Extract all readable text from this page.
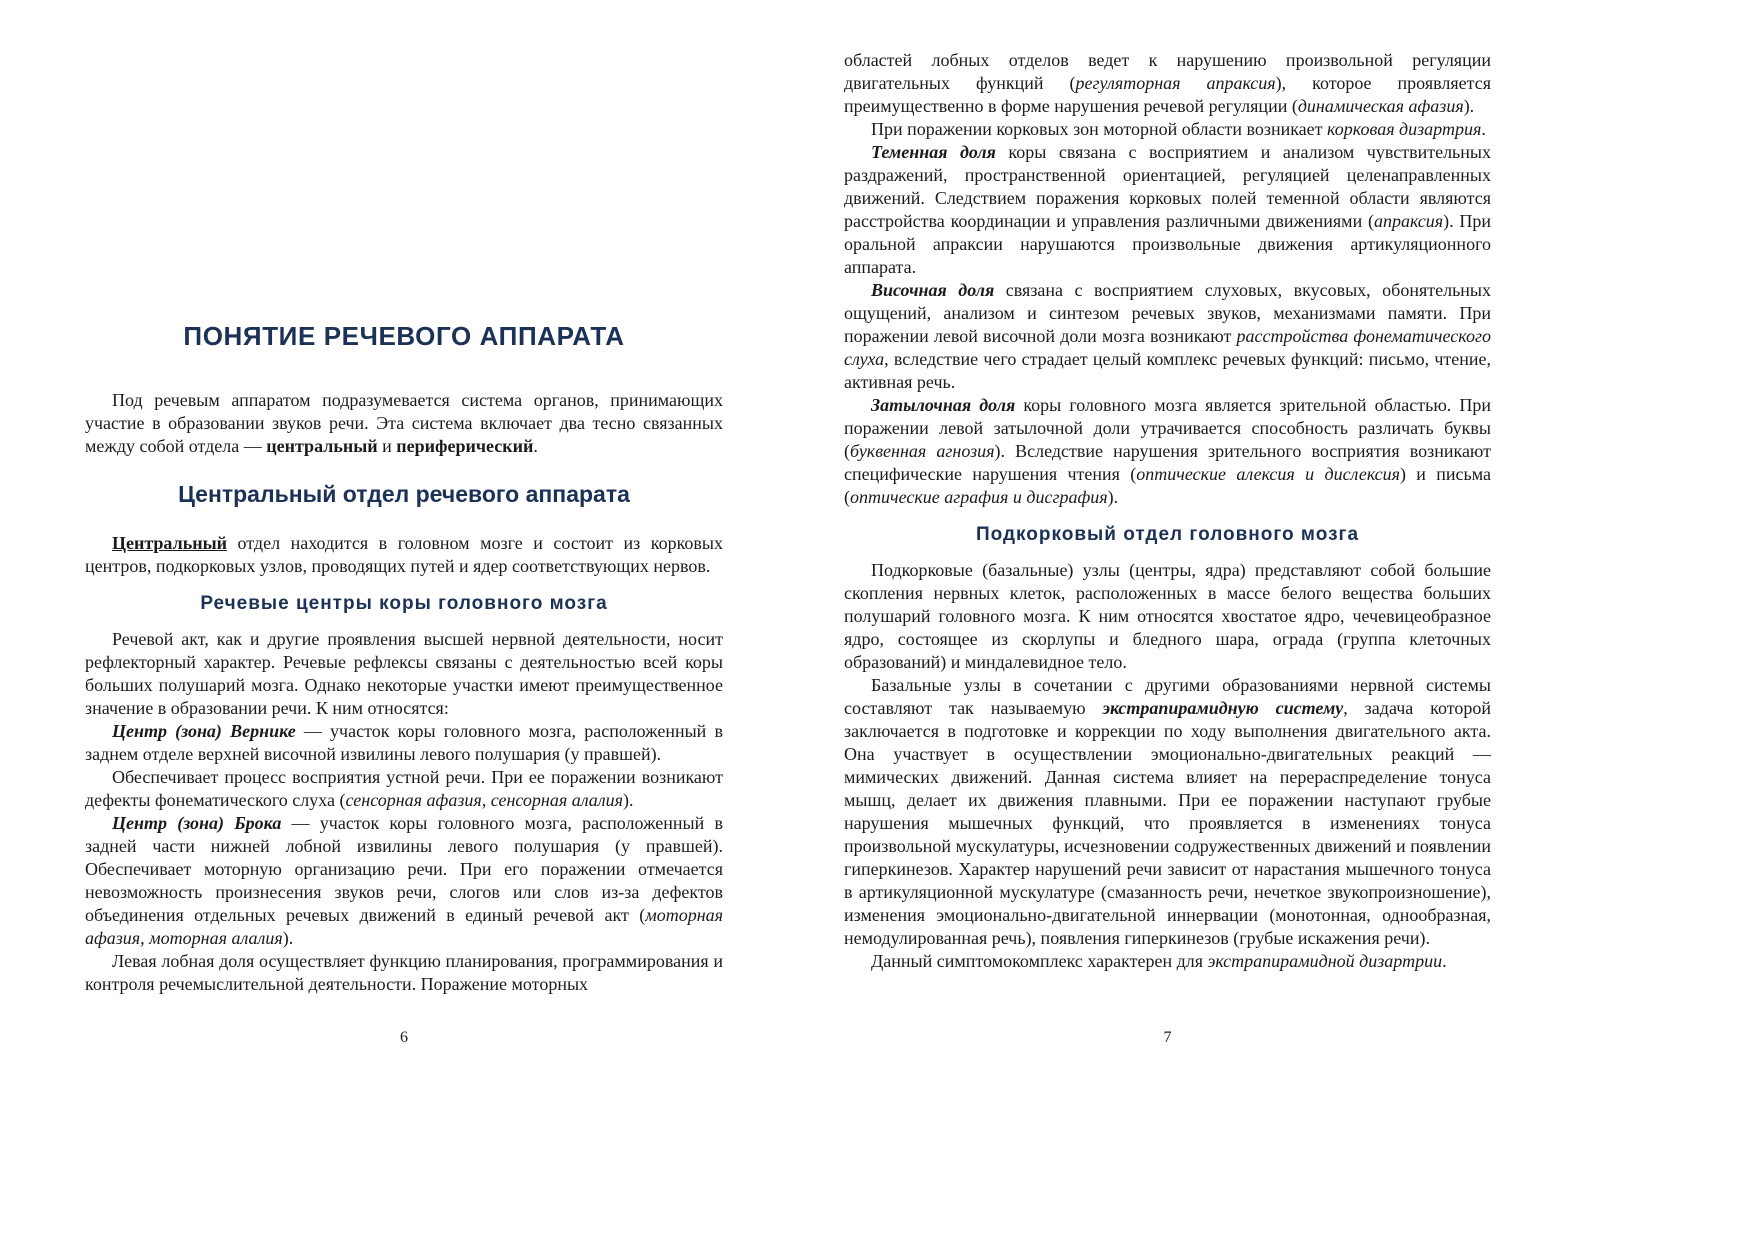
ПОНЯТИЕ РЕЧЕВОГО АППАРАТА

Под речевым аппаратом подразумевается система органов, принимающих участие в образовании звуков речи. Эта система включает два тесно связанных между собой отдела — центральный и периферический.

Центральный отдел речевого аппарата

Центральный отдел находится в головном мозге и состоит из корковых центров, подкорковых узлов, проводящих путей и ядер соответствующих нервов.

Речевые центры коры головного мозга

Речевой акт, как и другие проявления высшей нервной деятельности, носит рефлекторный характер. Речевые рефлексы связаны с деятельностью всей коры больших полушарий мозга. Однако некоторые участки имеют преимущественное значение в образовании речи. К ним относятся:

Центр (зона) Вернике — участок коры головного мозга, расположенный в заднем отделе верхней височной извилины левого полушария (у правшей).

Обеспечивает процесс восприятия устной речи. При ее поражении возникают дефекты фонематического слуха (сенсорная афазия, сенсорная алалия).

Центр (зона) Брока — участок коры головного мозга, расположенный в задней части нижней лобной извилины левого полушария (у правшей). Обеспечивает моторную организацию речи. При его поражении отмечается невозможность произнесения звуков речи, слогов или слов из-за дефектов объединения отдельных речевых движений в единый речевой акт (моторная афазия, моторная алалия).

Левая лобная доля осуществляет функцию планирования, программирования и контроля речемыслительной деятельности. Поражение моторных

областей лобных отделов ведет к нарушению произвольной регуляции двигательных функций (регуляторная апраксия), которое проявляется преимущественно в форме нарушения речевой регуляции (динамическая афазия).

При поражении корковых зон моторной области возникает корковая дизартрия.

Теменная доля коры связана с восприятием и анализом чувствительных раздражений, пространственной ориентацией, регуляцией целенаправленных движений. Следствием поражения корковых полей теменной области являются расстройства координации и управления различными движениями (апраксия). При оральной апраксии нарушаются произвольные движения артикуляционного аппарата.

Височная доля связана с восприятием слуховых, вкусовых, обонятельных ощущений, анализом и синтезом речевых звуков, механизмами памяти. При поражении левой височной доли мозга возникают расстройства фонематического слуха, вследствие чего страдает целый комплекс речевых функций: письмо, чтение, активная речь.

Затылочная доля коры головного мозга является зрительной областью. При поражении левой затылочной доли утрачивается способность различать буквы (буквенная агнозия). Вследствие нарушения зрительного восприятия возникают специфические нарушения чтения (оптические алексия и дислексия) и письма (оптические аграфия и дисграфия).

Подкорковый отдел головного мозга

Подкорковые (базальные) узлы (центры, ядра) представляют собой большие скопления нервных клеток, расположенных в массе белого вещества больших полушарий головного мозга. К ним относятся хвостатое ядро, чечевицеобразное ядро, состоящее из скорлупы и бледного шара, ограда (группа клеточных образований) и миндалевидное тело.

Базальные узлы в сочетании с другими образованиями нервной системы составляют так называемую экстрапирамидную систему, задача которой заключается в подготовке и коррекции по ходу выполнения двигательного акта. Она участвует в осуществлении эмоционально-двигательных реакций — мимических движений. Данная система влияет на перераспределение тонуса мышц, делает их движения плавными. При ее поражении наступают грубые нарушения мышечных функций, что проявляется в изменениях тонуса произвольной мускулатуры, исчезновении содружественных движений и появлении гиперкинезов. Характер нарушений речи зависит от нарастания мышечного тонуса в артикуляционной мускулатуре (смазанность речи, нечеткое звукопроизношение), изменения эмоционально-двигательной иннервации (монотонная, однообразная, немодулированная речь), появления гиперкинезов (грубые искажения речи).

Данный симптомокомплекс характерен для экстрапирамидной дизартрии.

6	7
